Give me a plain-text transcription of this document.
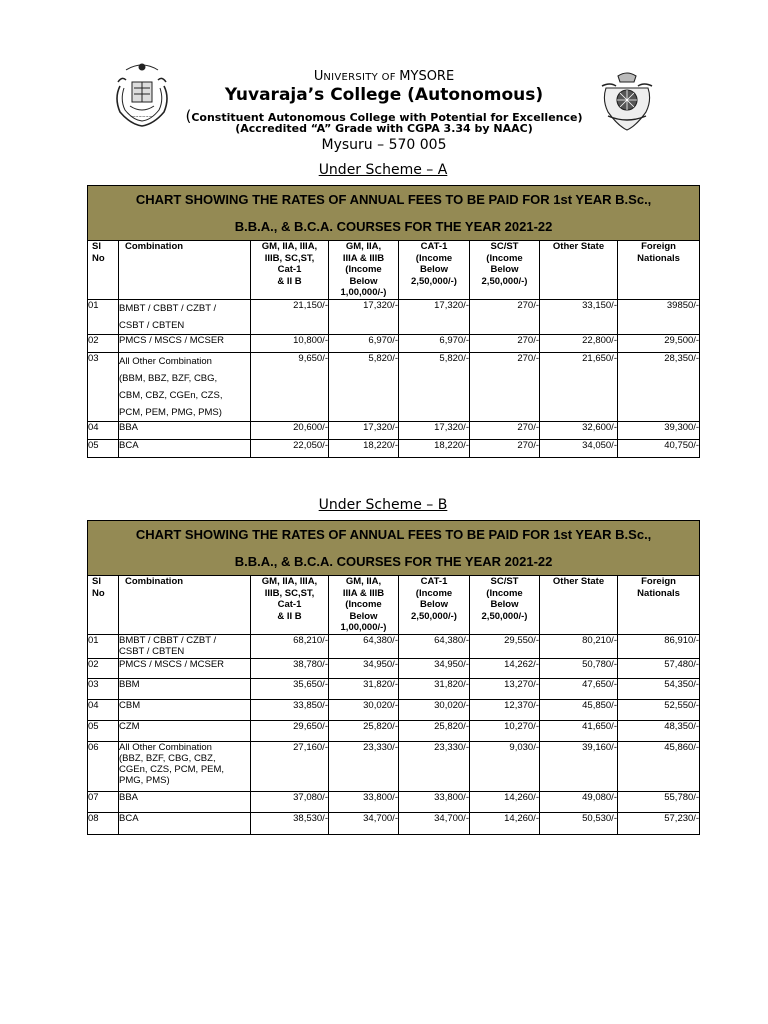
~~~~~~
UNIVERSITY OF MYSORE
Yuvaraja’s College (Autonomous)
(Constituent Autonomous College with Potential for Excellence)
(Accredited “A” Grade with CGPA 3.34 by NAAC)
Mysuru – 570 005
Under Scheme – A
CHART SHOWING THE RATES OF ANNUAL FEES TO BE PAID FOR 1st YEAR B.Sc.,
B.B.A., & B.C.A. COURSES FOR THE YEAR 2021-22							

Sl
No	Combination	GM, IIA, IIIA,
IIIB, SC,ST,
Cat-1
& II B	GM, IIA,
IIIA & IIIB
(Income
Below
1,00,000/-)	CAT-1
(Income
Below
2,50,000/-)	SC/ST
(Income
Below
2,50,000/-)	Other State	Foreign
Nationals
01	BMBT / CBBT / CZBT /
CSBT / CBTEN	21,150/-	17,320/-	17,320/-	270/-	33,150/-	39850/-
02	PMCS / MSCS / MCSER	10,800/-	6,970/-	6,970/-	270/-	22,800/-	29,500/-
03	All Other Combination
(BBM, BBZ, BZF, CBG,
CBM, CBZ, CGEn, CZS,
PCM, PEM, PMG, PMS)	9,650/-	5,820/-	5,820/-	270/-	21,650/-	28,350/-
04	BBA	20,600/-	17,320/-	17,320/-	270/-	32,600/-	39,300/-
05	BCA	22,050/-	18,220/-	18,220/-	270/-	34,050/-	40,750/-
Under Scheme – B
CHART SHOWING THE RATES OF ANNUAL FEES TO BE PAID FOR 1st YEAR B.Sc.,
B.B.A., & B.C.A. COURSES FOR THE YEAR 2021-22							

Sl
No	Combination	GM, IIA, IIIA,
IIIB, SC,ST,
Cat-1
& II B	GM, IIA,
IIIA & IIIB
(Income
Below
1,00,000/-)	CAT-1
(Income
Below
2,50,000/-)	SC/ST
(Income
Below
2,50,000/-)	Other State	Foreign
Nationals
01	BMBT / CBBT / CZBT /
CSBT / CBTEN	68,210/-	64,380/-	64,380/-	29,550/-	80,210/-	86,910/-
02	PMCS / MSCS / MCSER	38,780/-	34,950/-	34,950/-	14,262/-	50,780/-	57,480/-
03	BBM	35,650/-	31,820/-	31,820/-	13,270/-	47,650/-	54,350/-
04	CBM	33,850/-	30,020/-	30,020/-	12,370/-	45,850/-	52,550/-
05	CZM	29,650/-	25,820/-	25,820/-	10,270/-	41,650/-	48,350/-
06	All Other Combination
(BBZ, BZF, CBG, CBZ,
CGEn, CZS, PCM, PEM,
PMG, PMS)	27,160/-	23,330/-	23,330/-	9,030/-	39,160/-	45,860/-
07	BBA	37,080/-	33,800/-	33,800/-	14,260/-	49,080/-	55,780/-
08	BCA	38,530/-	34,700/-	34,700/-	14,260/-	50,530/-	57,230/-
